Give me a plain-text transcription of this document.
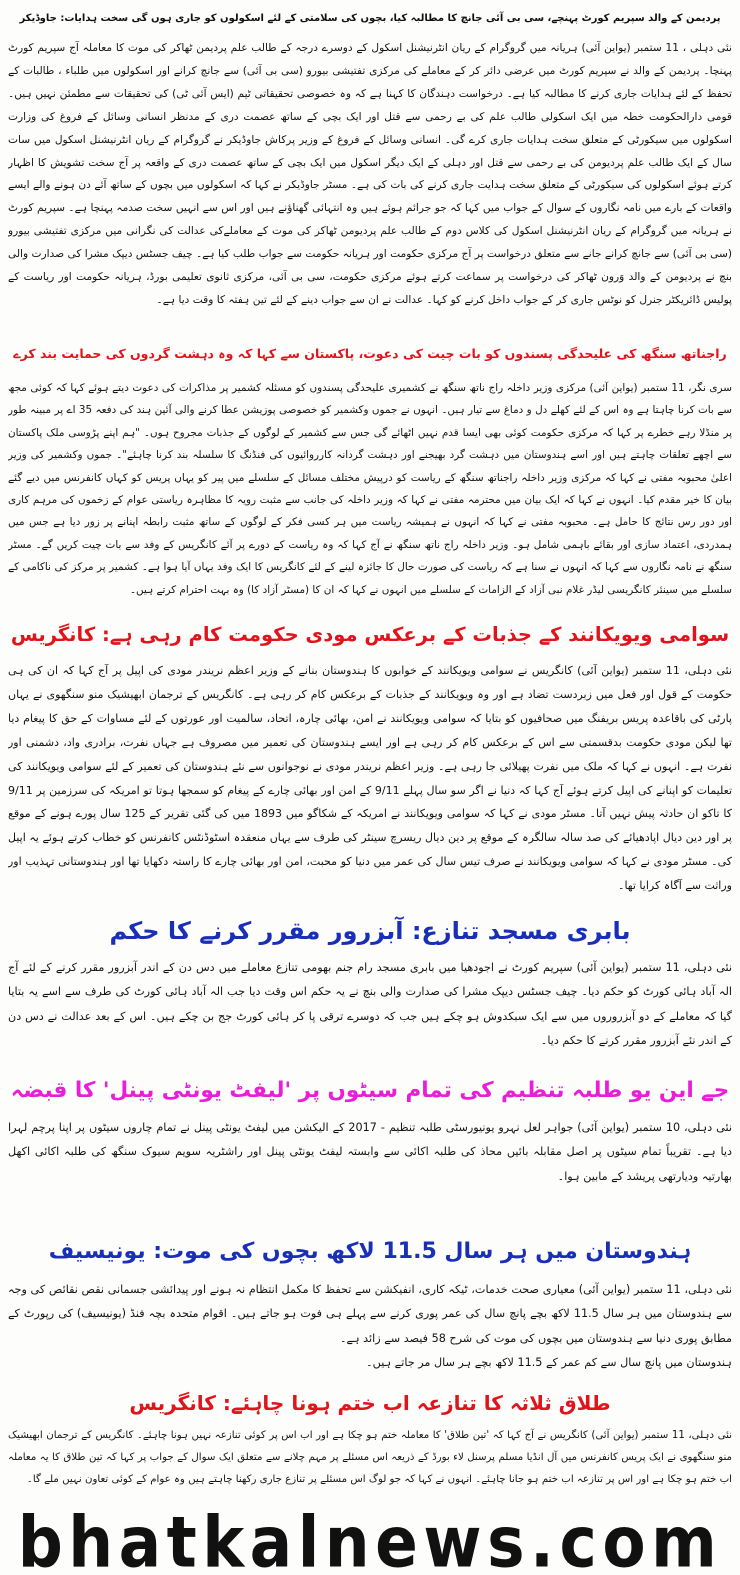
پردیمن کے والد سپریم کورٹ پہنچے، سی بی آئی جانچ کا مطالبہ کیا، بچوں کی سلامتی کے لئے اسکولوں کو جاری ہوں گی سخت ہدایات: جاوڈیکر

نئی دہلی ، 11 ستمبر (یواین آئی) ہریانہ میں گروگرام کے ریان انٹرنیشنل اسکول کے دوسرے درجہ کے طالب علم پردیمن ٹھاکر کی موت کا معاملہ آج سپریم کورٹ پہنچا۔ پردیمن کے والد نے سپریم کورٹ میں عرضی دائر کر کے معاملے کی مرکزی تفتیشی بیورو (سی بی آئی) سے جانچ کرانے اور اسکولوں میں طلباء ، طالبات کے تحفظ کے لئے ہدایات جاری کرنے کا مطالبہ کیا ہے۔ درخواست دہندگان کا کہنا ہے کہ وہ خصوصی تحقیقاتی ٹیم (ایس آئی ٹی) کی تحقیقات سے مطمئن نہیں ہیں۔ قومی دارالحکومت خطہ میں ایک اسکولی طالب علم کی بے رحمی سے قتل اور ایک بچی کے ساتھ عصمت دری کے مدنظر انسانی وسائل کے فروغ کی وزارت اسکولوں میں سیکورٹی کے متعلق سخت ہدایات جاری کرے گی۔ انسانی وسائل کے فروغ کے وزیر پرکاش جاوڈیکر نے گروگرام کے ریان انٹرنیشنل اسکول میں سات سال کے ایک طالب علم پردیومن کی بے رحمی سے قتل اور دہلی کے ایک دیگر اسکول میں ایک بچی کے ساتھ عصمت دری کے واقعہ پر آج سخت تشویش کا اظہار کرتے ہوئے اسکولوں کی سیکورٹی کے متعلق سخت ہدایت جاری کرنے کی بات کی ہے۔ مسٹر جاوڈیکر نے کہا کہ اسکولوں میں بچوں کے ساتھ آئے دن ہونے والے ایسے واقعات کے بارے میں نامہ نگاروں کے سوال کے جواب میں کہا کہ جو جرائم ہوئے ہیں وہ انتہائی گھناؤنے ہیں اور اس سے انہیں سخت صدمہ پہنچا ہے۔ سپریم کورٹ نے ہریانہ میں گروگرام کے ریان انٹرنیشنل اسکول کی کلاس دوم کے طالب علم پردیومن ٹھاکر کی موت کے معاملےکی عدالت کی نگرانی میں مرکزی تفتیشی بیورو (سی بی آئی) سے جانچ کرانے جانے سے متعلق درخواست پر آج مرکزی حکومت اور ہریانہ حکومت سے جواب طلب کیا ہے۔ چیف جسٹس دیپک مشرا کی صدارت والی بنچ نے پردیومن کے والد وَرون ٹھاکر کی درخواست پر سماعت کرتے ہوئے مرکزی حکومت، سی بی آئی، مرکزی ثانوی تعلیمی بورڈ، ہریانہ حکومت اور ریاست کے پولیس ڈائریکٹر جنرل کو نوٹس جاری کر کے جواب داخل کرنے کو کہا۔ عدالت نے ان سے جواب دینے کے لئے تین ہفتہ کا وقت دیا ہے۔

راجناتھ سنگھ کی علیحدگی پسندوں کو بات چیت کی دعوت، پاکستان سے کہا کہ وہ دہشت گردوں کی حمایت بند کرے

سری نگر، 11 ستمبر (یواین آئی) مرکزی وزیر داخلہ راج ناتھ سنگھ نے کشمیری علیحدگی پسندوں کو مسئلہ کشمیر پر مذاکرات کی دعوت دیتے ہوئے کہا کہ کوئی مجھ سے بات کرنا چاہتا ہے وہ اس کے لئے کھلے دل و دماغ سے تیار ہیں۔ انہوں نے جموں وکشمیر کو خصوصی پوزیشن عطا کرنے والی آئین ہند کی دفعہ 35 اے پر مبینہ طور پر منڈلا رہے خطرے پر کہا کہ مرکزی حکومت کوئی بھی ایسا قدم نہیں اٹھائے گی جس سے کشمیر کے لوگوں کے جذبات مجروح ہوں۔ "ہم اپنے پڑوسی ملک پاکستان سے اچھے تعلقات چاہتے ہیں اور اسے ہندوستان میں دہشت گرد بھیجنے اور دہشت گردانہ کارروائیوں کی فنڈنگ کا سلسلہ بند کرنا چاہئے"۔ جموں وکشمیر کی وزیر اعلیٰ محبوبہ مفتی نے کہا کہ مرکزی وزیر داخلہ راجناتھ سنگھ کے ریاست کو درپیش مختلف مسائل کے سلسلے میں پیر کو یہاں پریس کو کہاں کانفرنس میں دیے گئے بیان کا خیر مقدم کیا۔ انہوں نے کہا کہ ایک بیان میں محترمہ مفتی نے کہا کہ وزیر داخلہ کی جانب سے مثبت رویہ کا مظاہرہ ریاستی عوام کے زخموں کی مرہم کاری اور دور رس نتائج کا حامل ہے۔ محبوبہ مفتی نے کہا کہ انہوں نے ہمیشہ ریاست میں ہر کسی فکر کے لوگوں کے ساتھ مثبت رابطہ اپنانے پر زور دیا ہے جس میں ہمدردی، اعتماد سازی اور بقائے باہمی شامل ہو۔ وزیر داخلہ راج ناتھ سنگھ نے آج کہا کہ وہ ریاست کے دورے پر آئے کانگریس کے وفد سے بات چیت کریں گے۔ مسٹر سنگھ نے نامہ نگاروں سے کہا کہ انہوں نے سنا ہے کہ ریاست کی صورت حال کا جائزہ لینے کے لئے کانگریس کا ایک وفد یہاں آیا ہوا ہے۔ کشمیر پر مرکز کی ناکامی کے سلسلے میں سینئر کانگریسی لیڈر غلام نبی آزاد کے الزامات کے سلسلے میں انہوں نے کہا کہ ان کا (مسٹر آزاد کا) وہ بہت احترام کرتے ہیں۔

سوامی ویویکانند کے جذبات کے برعکس مودی حکومت کام رہی ہے: کانگریس

نئی دہلی، 11 ستمبر (یواین آئی) کانگریس نے سوامی ویویکانند کے خوابوں کا ہندوستان بنانے کے وزیر اعظم نریندر مودی کی اپیل پر آج کہا کہ ان کی ہی حکومت کے قول اور فعل میں زبردست تضاد ہے اور وہ ویویکانند کے جذبات کے برعکس کام کر رہی ہے۔ کانگریس کے ترجمان ابھیشیک منو سنگھوی نے یہاں پارٹی کی باقاعدہ پریس بریفنگ میں صحافیوں کو بتایا کہ سوامی ویویکانند نے امن، بھائی چارہ، اتحاد، سالمیت اور عورتوں کے لئے مساوات کے حق کا پیغام دیا تھا لیکن مودی حکومت بدقسمتی سے اس کے برعکس کام کر رہی ہے اور ایسے ہندوستان کی تعمیر میں مصروف ہے جہاں نفرت، برادری واد، دشمنی اور نفرت ہے۔ انہوں نے کہا کہ ملک میں نفرت پھیلائی جا رہی ہے۔ وزیر اعظم نریندر مودی نے نوجوانوں سے نئے ہندوستان کی تعمیر کے لئے سوامی ویویکانند کی تعلیمات کو اپنانے کی اپیل کرتے ہوئے آج کہا کہ دنیا نے اگر سو سال پہلے 9/11 کے امن اور بھائی چارے کے پیغام کو سمجھا ہوتا تو امریکہ کی سرزمین پر 9/11 کا تاکو ان حادثہ پیش نہیں آتا۔ مسٹر مودی نے کہا کہ سوامی ویویکانند نے امریکہ کے شکاگو میں 1893 میں کی گئی تقریر کے 125 سال پورے ہونے کے موقع پر اور دین دیال اپادھیائے کی صد سالہ سالگرہ کے موقع پر دین دیال ریسرچ سینٹر کی طرف سے یہاں منعقدہ اسٹوڈنٹس کانفرنس کو خطاب کرتے ہوئے یہ اپیل کی۔ مسٹر مودی نے کہا کہ سوامی ویویکانند نے صرف تیس سال کی عمر میں دنیا کو محبت، امن اور بھائی چارے کا راستہ دکھایا تھا اور ہندوستانی تہذیب اور وراثت سے آگاہ کرایا تھا۔

بابری مسجد تنازع: آبزرور مقرر کرنے کا حکم

نئی دہلی، 11 ستمبر (یواین آئی) سپریم کورٹ نے اجودھیا میں بابری مسجد رام جنم بھومی تنازع معاملے میں دس دن کے اندر آبزرور مقرر کرنے کے لئے آج الہ آباد ہائی کورٹ کو حکم دیا۔ چیف جسٹس دیپک مشرا کی صدارت والی بنچ نے یہ حکم اس وقت دیا جب الہ آباد ہائی کورٹ کی طرف سے اسے یہ بتایا گیا کہ معاملے کے دو آبزروروں میں سے ایک سبکدوش ہو چکے ہیں جب کہ دوسرے ترقی پا کر ہائی کورٹ جج بن چکے ہیں۔ اس کے بعد عدالت نے دس دن کے اندر نئے آبزرور مقرر کرنے کا حکم دیا۔

جے این یو طلبہ تنظیم کی تمام سیٹوں پر 'لیفٹ یونٹی پینل' کا قبضہ

نئی دہلی، 10 ستمبر (یواین آئی) جواہر لعل نہرو یونیورسٹی طلبہ تنظیم - 2017 کے الیکشن میں لیفٹ یونٹی پینل نے تمام چاروں سیٹوں پر اپنا پرچم لہرا دیا ہے۔ تقریباً تمام سیٹوں پر اصل مقابلہ بائیں محاذ کی طلبہ اکائی سے وابستہ لیفٹ یونٹی پینل اور راشٹریہ سویم سیوک سنگھ کی طلبہ اکائی اکھل بھارتیہ ودیارتھی پریشد کے مابین ہوا۔

ہندوستان میں ہر سال 11.5 لاکھ بچوں کی موت: یونیسیف

نئی دہلی، 11 ستمبر (یواین آئی) معیاری صحت خدمات، ٹیکہ کاری، انفیکشن سے تحفظ کا مکمل انتظام نہ ہونے اور پیدائشی جسمانی نقص نقائص کی وجہ سے ہندوستان میں ہر سال 11.5 لاکھ بچے پانچ سال کی عمر پوری کرنے سے پہلے ہی فوت ہو جاتے ہیں۔ اقوام متحدہ بچہ فنڈ (یونیسیف) کی رپورٹ کے مطابق پوری دنیا سے ہندوستان میں بچوں کی موت کی شرح 58 فیصد سے زائد ہے۔

ہندوستان میں پانچ سال سے کم عمر کے 11.5 لاکھ بچے ہر سال مر جاتے ہیں۔

طلاق ثلاثہ کا تنازعہ اب ختم ہونا چاہئے: کانگریس

نئی دہلی، 11 ستمبر (یواین آئی) کانگریس نے آج کہا کہ 'تین طلاق' کا معاملہ ختم ہو چکا ہے اور اب اس پر کوئی تنازعہ نہیں ہونا چاہئے۔ کانگریس کے ترجمان ابھیشیک منو سنگھوی نے ایک پریس کانفرنس میں آل انڈیا مسلم پرسنل لاء بورڈ کے ذریعہ اس مسئلے پر مہم چلانے سے متعلق ایک سوال کے جواب پر کہا کہ تین طلاق کا یہ معاملہ اب ختم ہو چکا ہے اور اس پر تنازعہ اب ختم ہو جانا چاہئے۔ انہوں نے کہا کہ جو لوگ اس مسئلے پر تنازع جاری رکھنا چاہتے ہیں وہ عوام کے کوئی تعاون نہیں ملے گا۔

bhatkalnews.com
